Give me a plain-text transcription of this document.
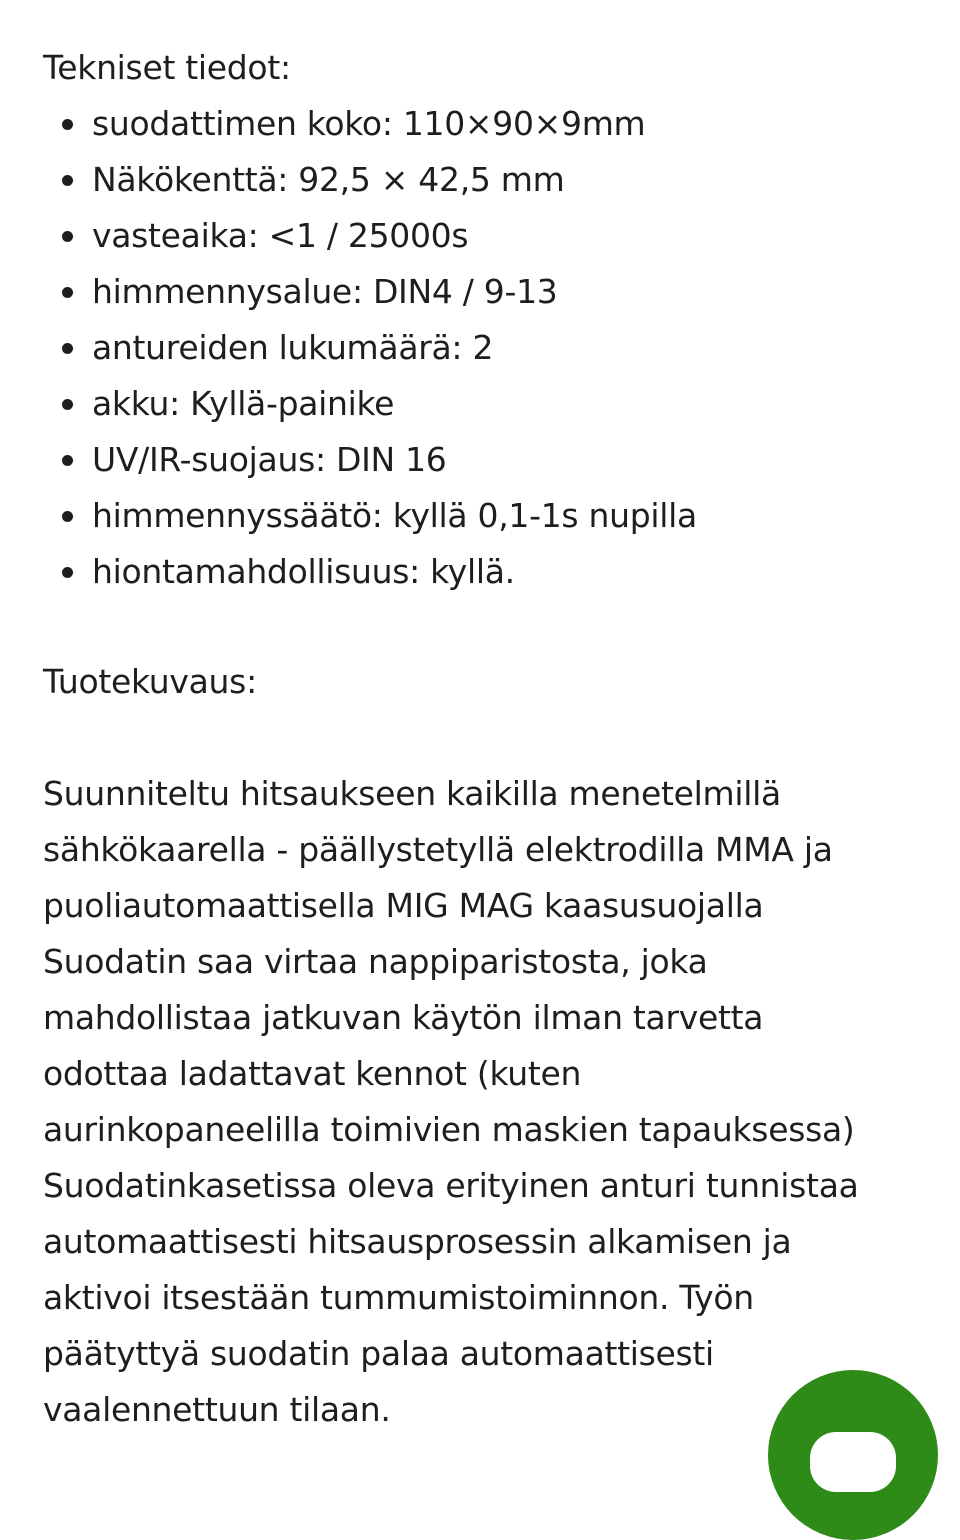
Tekniset tiedot:
suodattimen koko: 110×90×9mm
Näkökenttä: 92,5 × 42,5 mm
vasteaika: <1 / 25000s
himmennysalue: DIN4 / 9-13
antureiden lukumäärä: 2
akku: Kyllä-painike
UV/IR-suojaus: DIN 16
himmennyssäätö: kyllä 0,1-1s nupilla
hiontamahdollisuus: kyllä.
Tuotekuvaus:

Suunniteltu hitsaukseen kaikilla menetelmillä

sähkökaarella - päällystetyllä elektrodilla MMA ja

puoliautomaattisella MIG MAG kaasusuojalla

Suodatin saa virtaa nappiparistosta, joka

mahdollistaa jatkuvan käytön ilman tarvetta

odottaa ladattavat kennot (kuten

aurinkopaneelilla toimivien maskien tapauksessa)

Suodatinkasetissa oleva erityinen anturi tunnistaa

automaattisesti hitsausprosessin alkamisen ja

aktivoi itsestään tummumistoiminnon. Työn

päätyttyä suodatin palaa automaattisesti

vaalennettuun tilaan.
